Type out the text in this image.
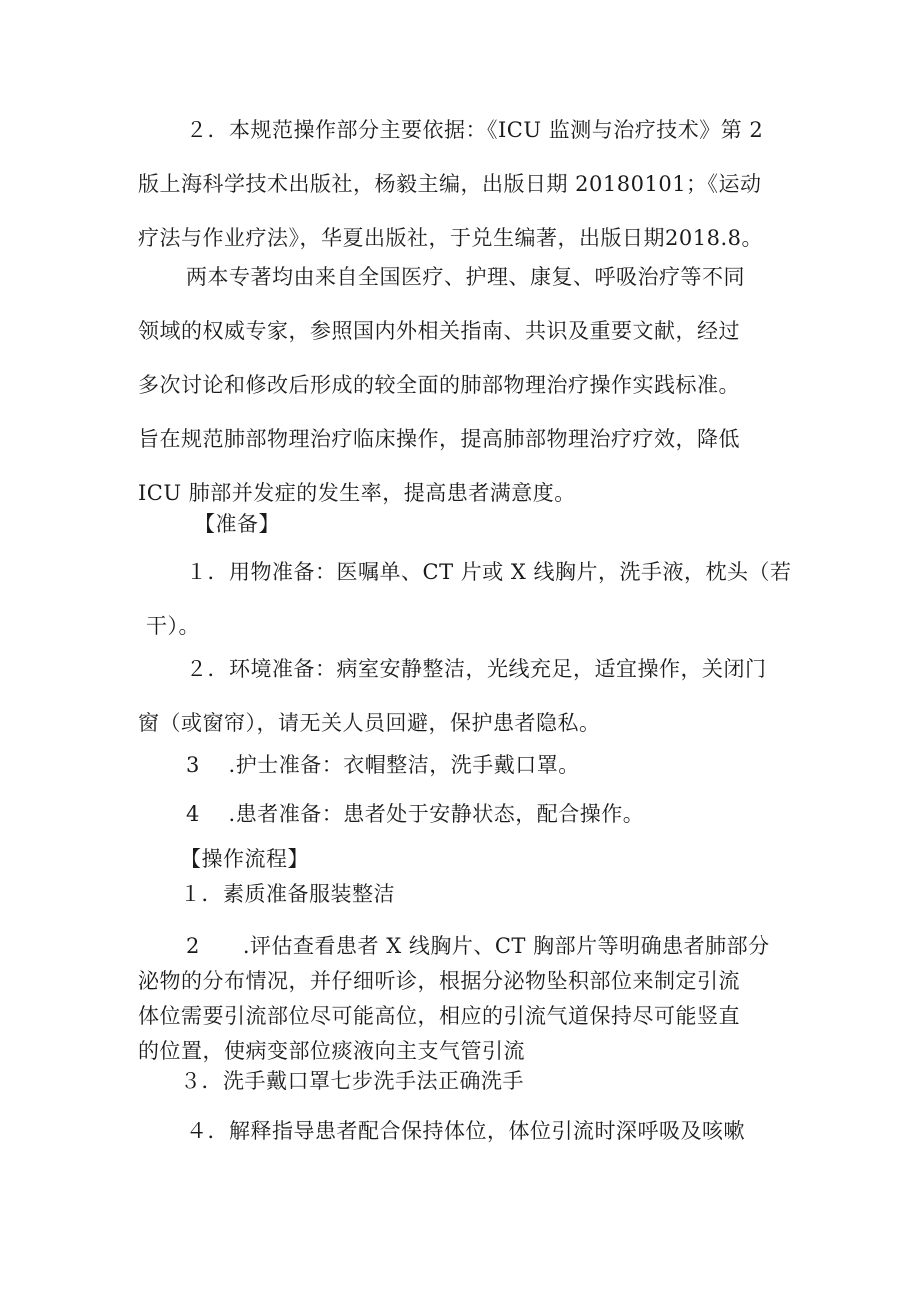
２．本规范操作部分主要依据：《ICU 监测与治疗技术》第 2
版上海科学技术出版社，杨毅主编，出版日期 20180101；《运动
疗法与作业疗法》，华夏出版社，于兑生编著，出版日期2018.8。
两本专著均由来自全国医疗、护理、康复、呼吸治疗等不同
领域的权威专家，参照国内外相关指南、共识及重要文献，经过
多次讨论和修改后形成的较全面的肺部物理治疗操作实践标准。
旨在规范肺部物理治疗临床操作，提高肺部物理治疗疗效，降低
ICU 肺部并发症的发生率，提高患者满意度。
【准备】
１．用物准备：医嘱单、CT 片或 X 线胸片，洗手液，枕头（若
干）。
２．环境准备：病室安静整洁，光线充足，适宜操作，关闭门
窗（或窗帘），请无关人员回避，保护患者隐私。
3　 .护士准备：衣帽整洁，洗手戴口罩。
4　 .患者准备：患者处于安静状态，配合操作。
【操作流程】
１．素质准备服装整洁
2　　.评估查看患者 X 线胸片、CT 胸部片等明确患者肺部分
泌物的分布情况，并仔细听诊，根据分泌物坠积部位来制定引流
体位需要引流部位尽可能高位，相应的引流气道保持尽可能竖直
的位置，使病变部位痰液向主支气管引流
３．洗手戴口罩七步洗手法正确洗手
４．解释指导患者配合保持体位，体位引流时深呼吸及咳嗽
